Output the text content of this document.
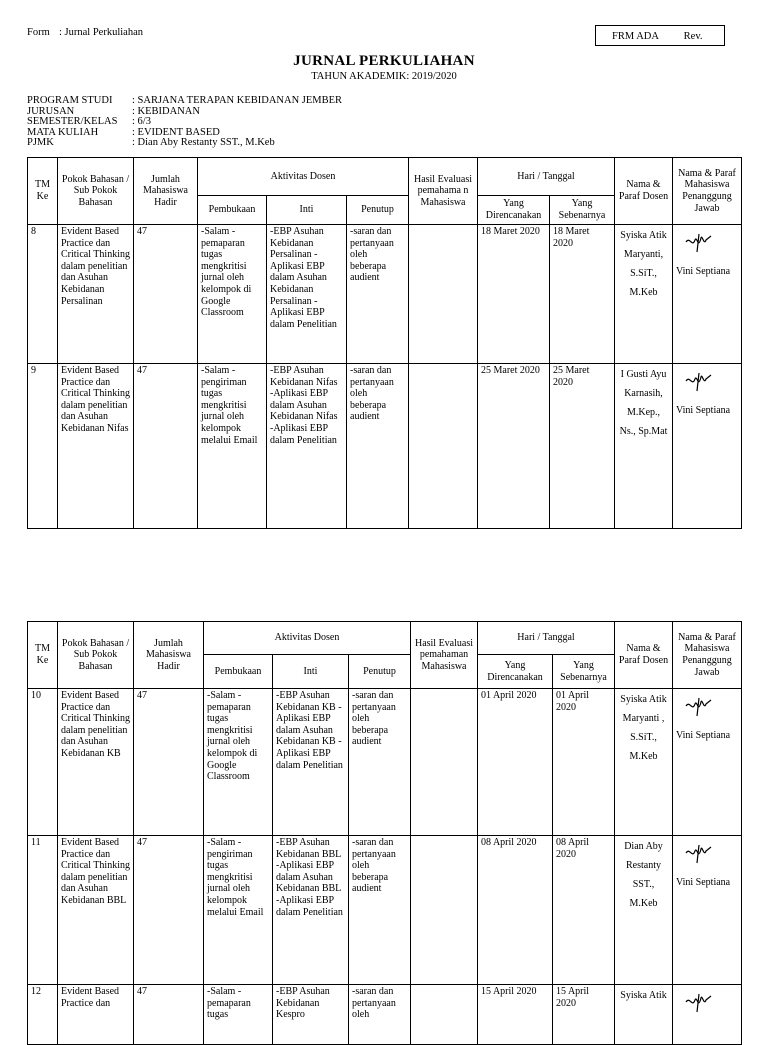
Form : Jurnal Perkuliahan	FRM ADA Rev.
JURNAL PERKULIAHAN
TAHUN AKADEMIK: 2019/2020
PROGRAM STUDI	: SARJANA TERAPAN KEBIDANAN JEMBER
JURUSAN	: KEBIDANAN
SEMESTER/KELAS	: 6/3
MATA KULIAH	: EVIDENT BASED
PJMK	: Dian Aby Restanty SST., M.Keb
TM Ke	Pokok Bahasan / Sub Pokok Bahasan	Jumlah Mahasiswa Hadir	Aktivitas Dosen			Hasil Evaluasi pemahama n Mahasiswa	Hari / Tanggal		Nama & Paraf Dosen	Nama & Paraf Mahasiswa Penanggung Jawab
			Pembukaan	Inti	Penutup		Yang Direncanakan	Yang Sebenarnya		
8	Evident Based Practice dan Critical Thinking dalam penelitian dan Asuhan Kebidanan Persalinan	47	-Salam -pemaparan tugas mengkritisi jurnal oleh kelompok di Google Classroom	-EBP Asuhan Kebidanan Persalinan -Aplikasi EBP dalam Asuhan Kebidanan Persalinan -Aplikasi EBP dalam Penelitian	-saran dan pertanyaan oleh beberapa audient		18 Maret 2020	18 Maret 2020	Syiska Atik Maryanti, S.SiT., M.Keb	Vini Septiana
9	Evident Based Practice dan Critical Thinking dalam penelitian dan Asuhan Kebidanan Nifas	47	-Salam -pengiriman tugas mengkritisi jurnal oleh kelompok melalui Email	-EBP Asuhan Kebidanan Nifas -Aplikasi EBP dalam Asuhan Kebidanan Nifas -Aplikasi EBP dalam Penelitian	-saran dan pertanyaan oleh beberapa audient		25 Maret 2020	25 Maret 2020	I Gusti Ayu Karnasih, M.Kep., Ns., Sp.Mat	Vini Septiana
TM Ke	Pokok Bahasan / Sub Pokok Bahasan	Jumlah Mahasiswa Hadir	Aktivitas Dosen			Hasil Evaluasi pemahaman Mahasiswa	Hari / Tanggal		Nama & Paraf Dosen	Nama & Paraf Mahasiswa Penanggung Jawab
			Pembukaan	Inti	Penutup		Yang Direncanakan	Yang Sebenarnya		
10	Evident Based Practice dan Critical Thinking dalam penelitian dan Asuhan Kebidanan KB	47	-Salam -pemaparan tugas mengkritisi jurnal oleh kelompok di Google Classroom	-EBP Asuhan Kebidanan KB -Aplikasi EBP dalam Asuhan Kebidanan KB -Aplikasi EBP dalam Penelitian	-saran dan pertanyaan oleh beberapa audient		01 April 2020	01 April 2020	Syiska Atik Maryanti , S.SiT., M.Keb	Vini Septiana
11	Evident Based Practice dan Critical Thinking dalam penelitian dan Asuhan Kebidanan BBL	47	-Salam -pengiriman tugas mengkritisi jurnal oleh kelompok melalui Email	-EBP Asuhan Kebidanan BBL -Aplikasi EBP dalam Asuhan Kebidanan BBL -Aplikasi EBP dalam Penelitian	-saran dan pertanyaan oleh beberapa audient		08 April 2020	08 April 2020	Dian Aby Restanty SST., M.Keb	Vini Septiana
12	Evident Based Practice dan	47	-Salam -pemaparan tugas	-EBP Asuhan Kebidanan Kespro	-saran dan pertanyaan oleh		15 April 2020	15 April 2020	Syiska Atik	
